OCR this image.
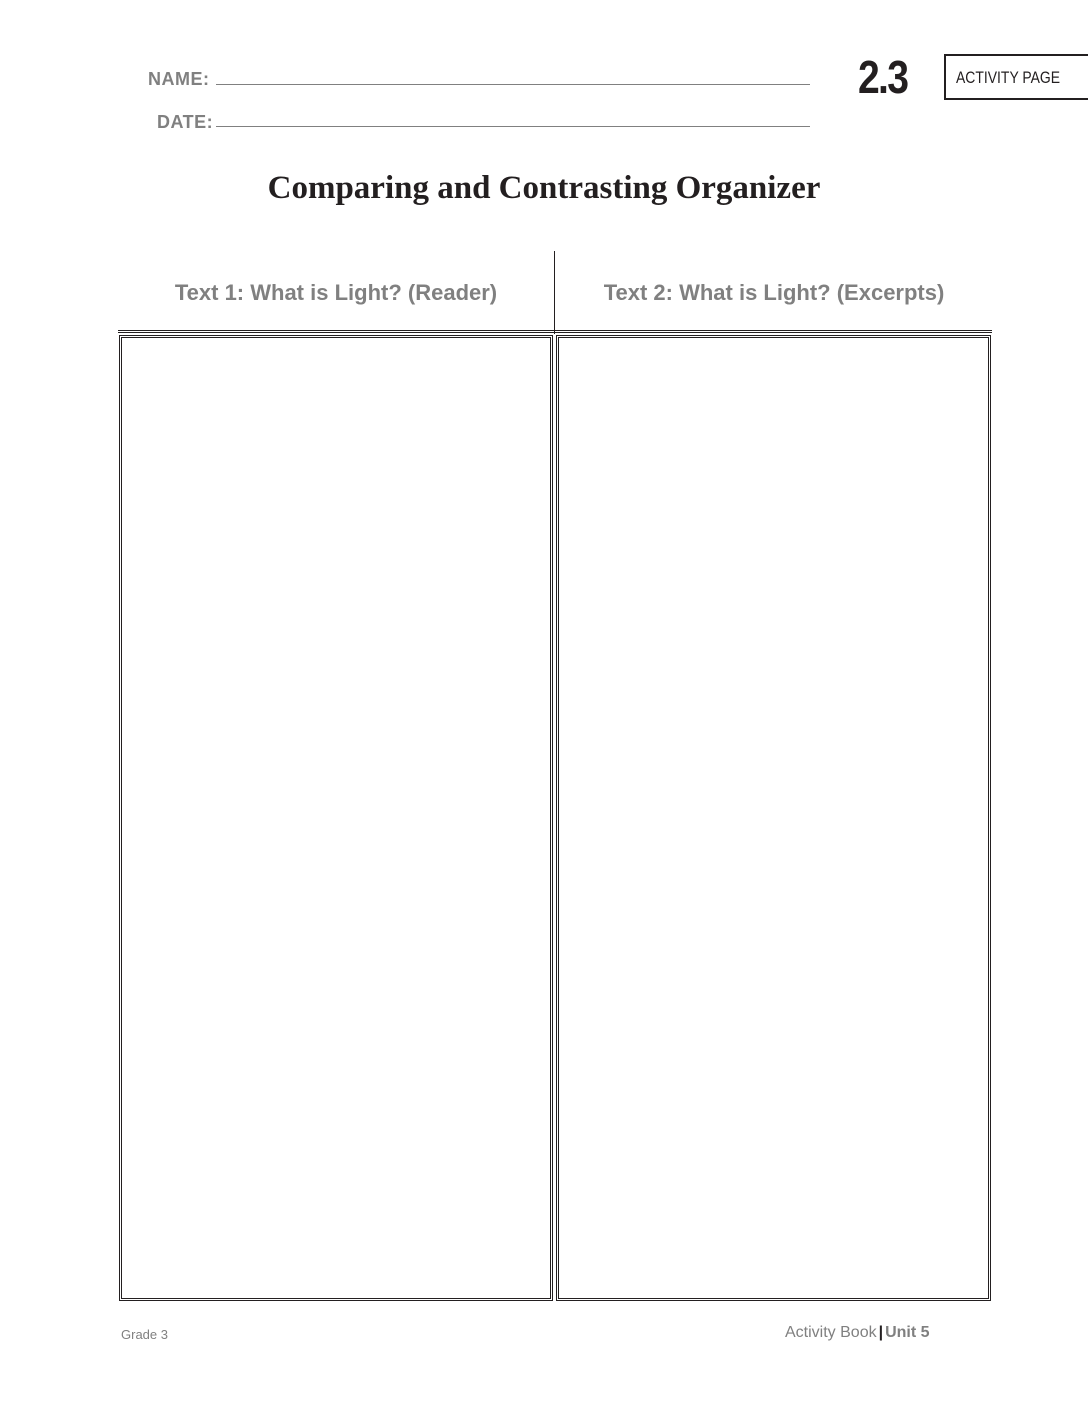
NAME:
DATE:
2.3	ACTIVITY PAGE
Comparing and Contrasting Organizer
Text 1: What is Light? (Reader)	Text 2: What is Light? (Excerpts)
Grade 3	Activity Book | Unit 5
